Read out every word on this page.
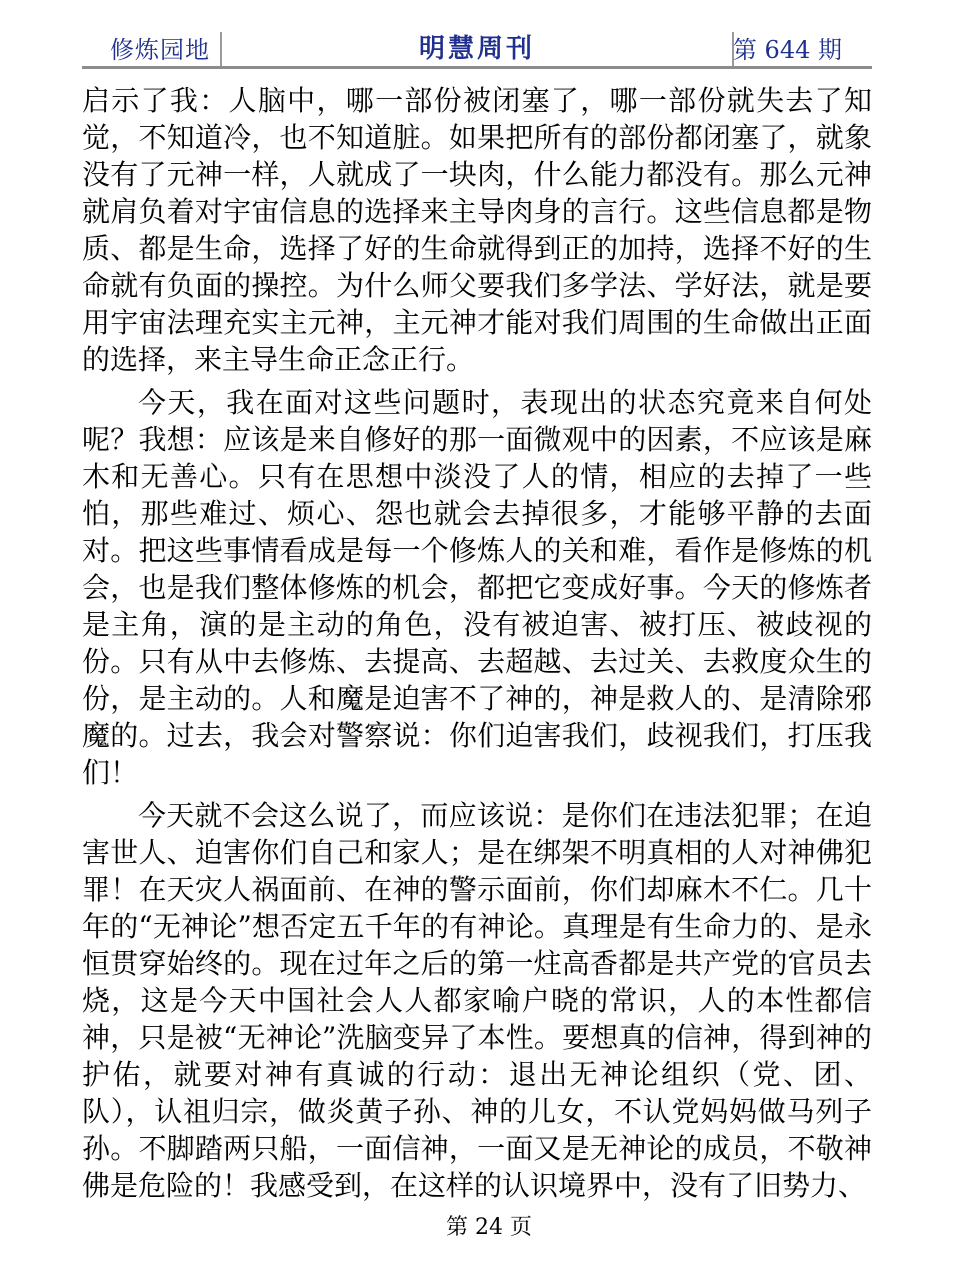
修炼园地	明慧周刊	第 644 期

启示了我：人脑中，哪一部份被闭塞了，哪一部份就失去了知觉，不知道冷，也不知道脏。如果把所有的部份都闭塞了，就象没有了元神一样，人就成了一块肉，什么能力都没有。那么元神就肩负着对宇宙信息的选择来主导肉身的言行。这些信息都是物质、都是生命，选择了好的生命就得到正的加持，选择不好的生命就有负面的操控。为什么师父要我们多学法、学好法，就是要用宇宙法理充实主元神，主元神才能对我们周围的生命做出正面的选择，来主导生命正念正行。

今天，我在面对这些问题时，表现出的状态究竟来自何处呢？我想：应该是来自修好的那一面微观中的因素，不应该是麻木和无善心。只有在思想中淡没了人的情，相应的去掉了一些怕，那些难过、烦心、怨也就会去掉很多，才能够平静的去面对。把这些事情看成是每一个修炼人的关和难，看作是修炼的机会，也是我们整体修炼的机会，都把它变成好事。今天的修炼者是主角，演的是主动的角色，没有被迫害、被打压、被歧视的份。只有从中去修炼、去提高、去超越、去过关、去救度众生的份，是主动的。人和魔是迫害不了神的，神是救人的、是清除邪魔的。过去，我会对警察说：你们迫害我们，歧视我们，打压我们！

今天就不会这么说了，而应该说：是你们在违法犯罪；在迫害世人、迫害你们自己和家人；是在绑架不明真相的人对神佛犯罪！在天灾人祸面前、在神的警示面前，你们却麻木不仁。几十年的“无神论”想否定五千年的有神论。真理是有生命力的、是永恒贯穿始终的。现在过年之后的第一炷高香都是共产党的官员去烧，这是今天中国社会人人都家喻户晓的常识，人的本性都信神，只是被“无神论”洗脑变异了本性。要想真的信神，得到神的护佑，就要对神有真诚的行动：退出无神论组织（党、团、队），认祖归宗，做炎黄子孙、神的儿女，不认党妈妈做马列子孙。不脚踏两只船，一面信神，一面又是无神论的成员，不敬神佛是危险的！我感受到，在这样的认识境界中，没有了旧势力、

第 24 页
